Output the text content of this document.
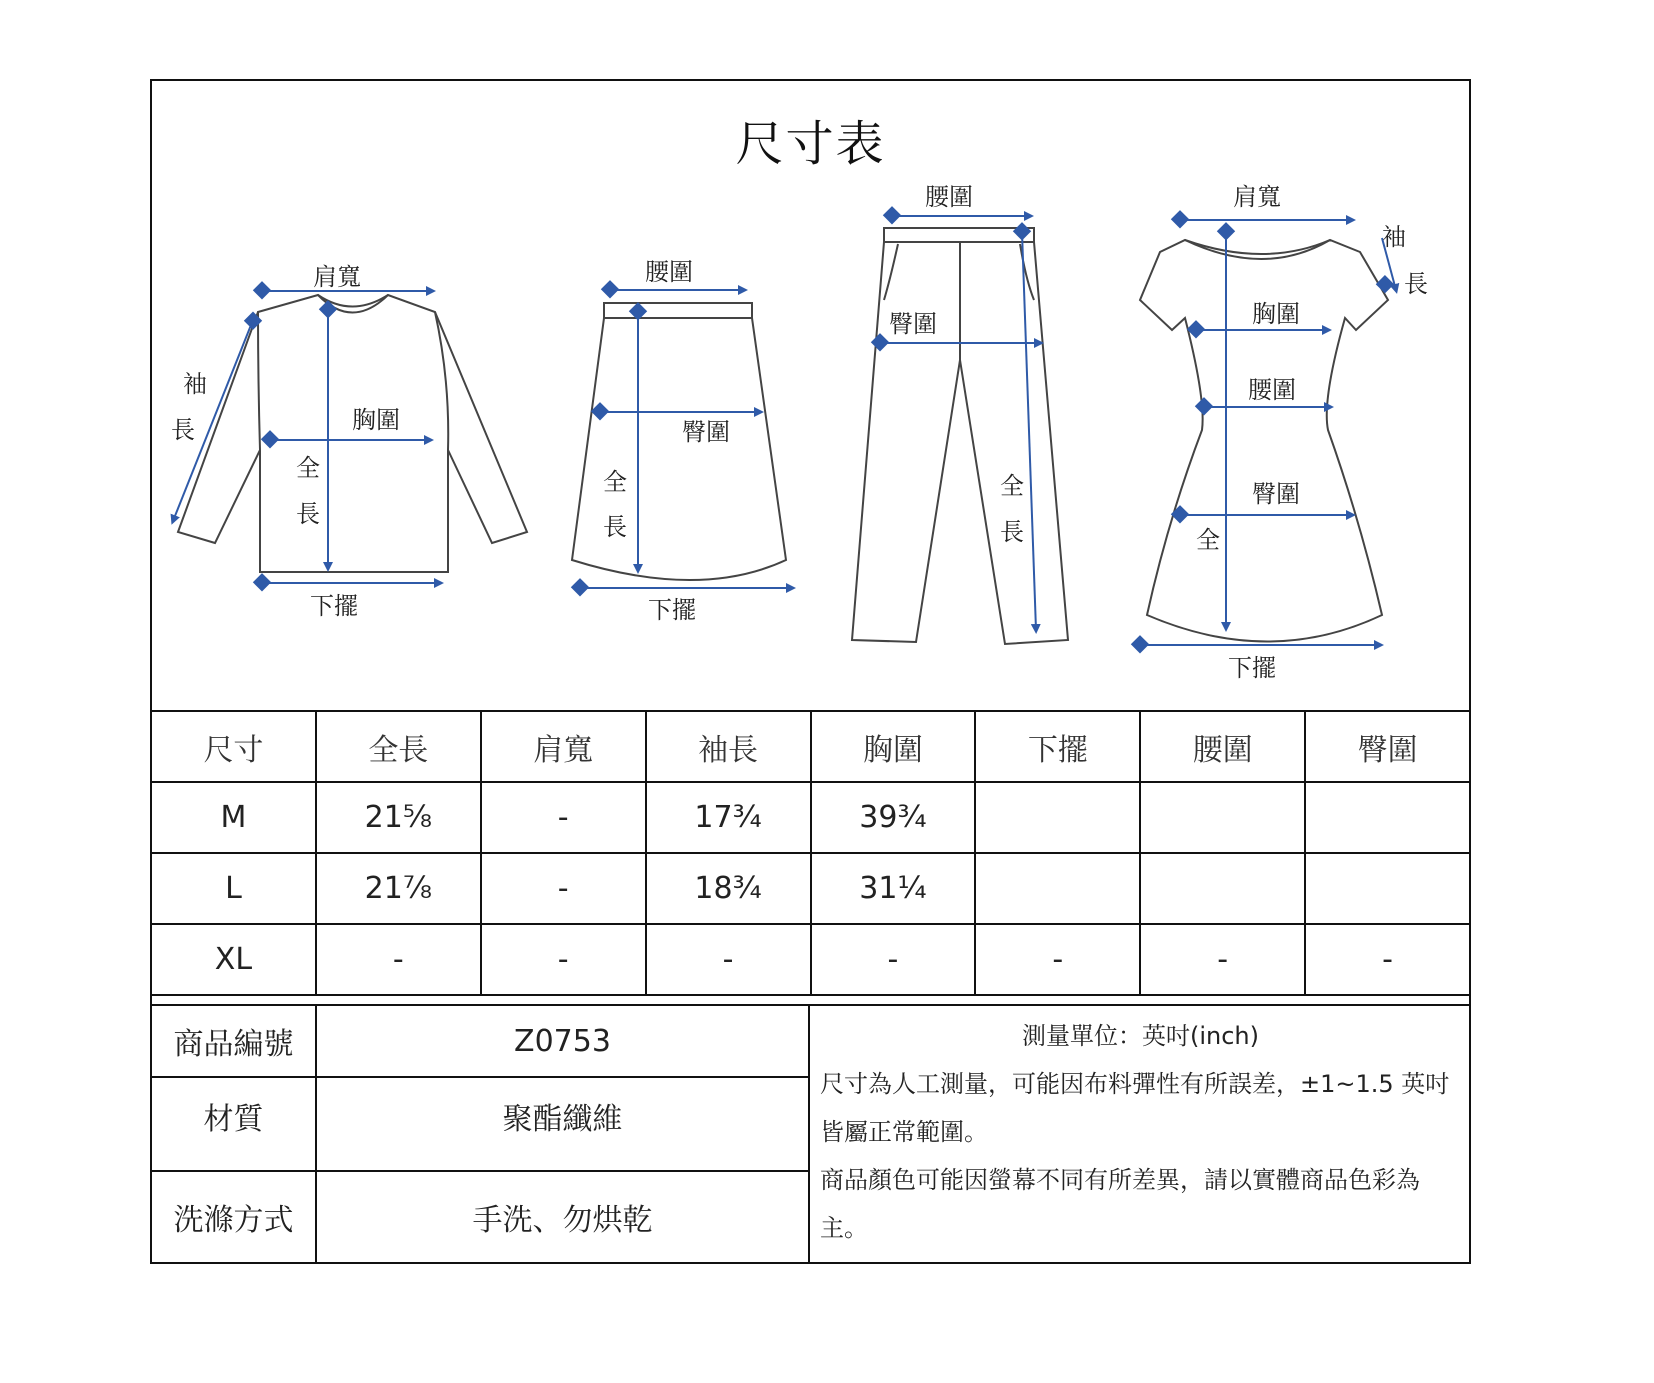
尺寸表
肩寬
袖
長	胸圍
全
長
下擺
腰圍
臀圍
全
長
下擺
腰圍
臀圍
全
長
肩寬
袖
長
胸圍
腰圍
臀圍
全
下擺
尺寸	全長	肩寬	袖長	胸圍	下擺	腰圍	臀圍
M	21⅝	-	17¾	39¾			
L	21⅞	-	18¾	31¼			
XL	-	-	-	-	-	-	-
商品編號	Z0753	測量單位：英吋(inch)

尺寸為人工測量，可能因布料彈性有所誤差，±1~1.5 英吋皆屬正常範圍。

商品顏色可能因螢幕不同有所差異，請以實體商品色彩為主。

材質	聚酯纖維	
洗滌方式	手洗、勿烘乾	
